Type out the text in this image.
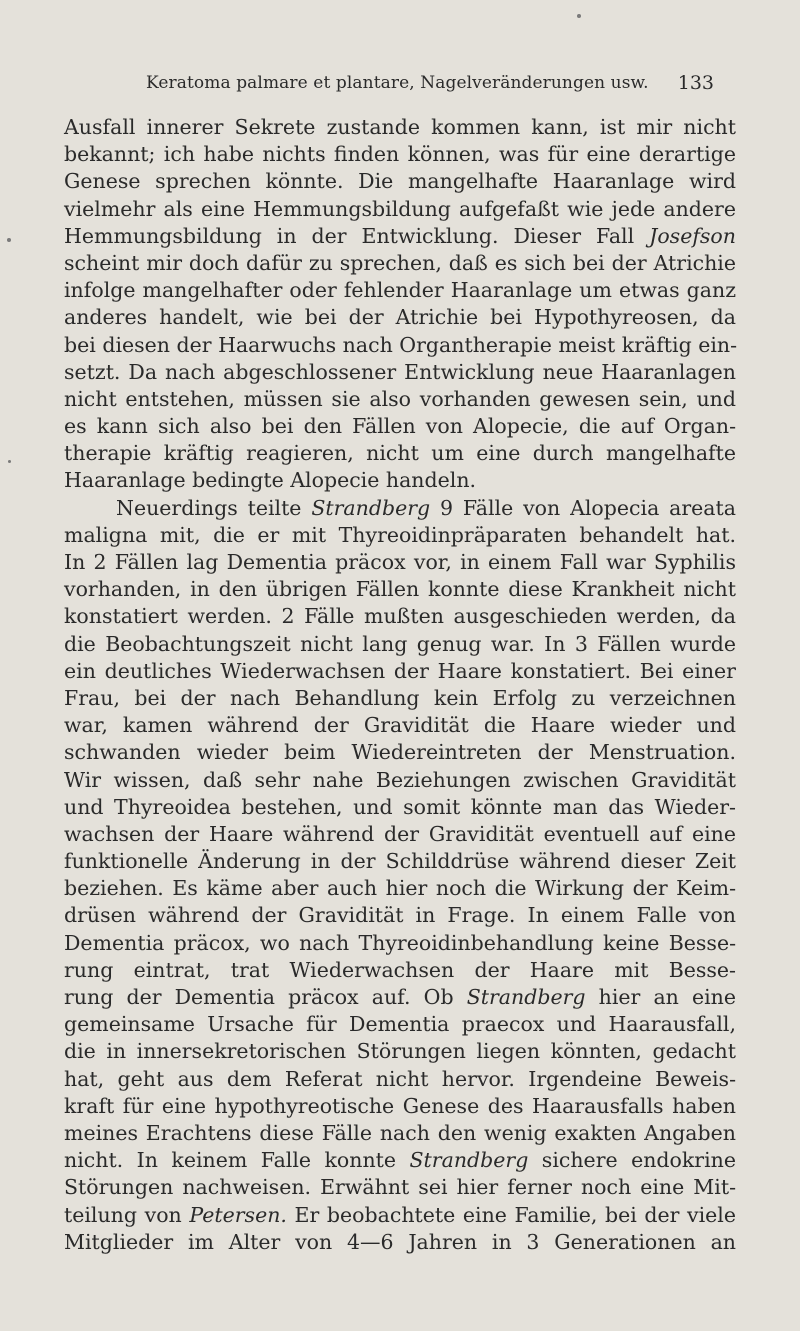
Keratoma palmare et plantare, Nagelveränderungen usw. 133
Ausfall innerer Sekrete zustande kommen kann, ist mir nicht
bekannt; ich habe nichts finden können, was für eine derartige
Genese sprechen könnte. Die mangelhafte Haaranlage wird
vielmehr als eine Hemmungsbildung aufgefaßt wie jede andere
Hemmungsbildung in der Entwicklung. Dieser Fall Josefson
scheint mir doch dafür zu sprechen, daß es sich bei der Atrichie
infolge mangelhafter oder fehlender Haaranlage um etwas ganz
anderes handelt, wie bei der Atrichie bei Hypothyreosen, da
bei diesen der Haarwuchs nach Organtherapie meist kräftig ein-
setzt. Da nach abgeschlossener Entwicklung neue Haaranlagen
nicht entstehen, müssen sie also vorhanden gewesen sein, und
es kann sich also bei den Fällen von Alopecie, die auf Organ-
therapie kräftig reagieren, nicht um eine durch mangelhafte
Haaranlage bedingte Alopecie handeln.
Neuerdings teilte Strandberg 9 Fälle von Alopecia areata
maligna mit, die er mit Thyreoidinpräparaten behandelt hat.
In 2 Fällen lag Dementia präcox vor, in einem Fall war Syphilis
vorhanden, in den übrigen Fällen konnte diese Krankheit nicht
konstatiert werden. 2 Fälle mußten ausgeschieden werden, da
die Beobachtungszeit nicht lang genug war. In 3 Fällen wurde
ein deutliches Wiederwachsen der Haare konstatiert. Bei einer
Frau, bei der nach Behandlung kein Erfolg zu verzeichnen
war, kamen während der Gravidität die Haare wieder und
schwanden wieder beim Wiedereintreten der Menstruation.
Wir wissen, daß sehr nahe Beziehungen zwischen Gravidität
und Thyreoidea bestehen, und somit könnte man das Wieder-
wachsen der Haare während der Gravidität eventuell auf eine
funktionelle Änderung in der Schilddrüse während dieser Zeit
beziehen. Es käme aber auch hier noch die Wirkung der Keim-
drüsen während der Gravidität in Frage. In einem Falle von
Dementia präcox, wo nach Thyreoidinbehandlung keine Besse-
rung eintrat, trat Wiederwachsen der Haare mit Besse-
rung der Dementia präcox auf. Ob Strandberg hier an eine
gemeinsame Ursache für Dementia praecox und Haarausfall,
die in innersekretorischen Störungen liegen könnten, gedacht
hat, geht aus dem Referat nicht hervor. Irgendeine Beweis-
kraft für eine hypothyreotische Genese des Haarausfalls haben
meines Erachtens diese Fälle nach den wenig exakten Angaben
nicht. In keinem Falle konnte Strandberg sichere endokrine
Störungen nachweisen. Erwähnt sei hier ferner noch eine Mit-
teilung von Petersen. Er beobachtete eine Familie, bei der viele
Mitglieder im Alter von 4—6 Jahren in 3 Generationen an
